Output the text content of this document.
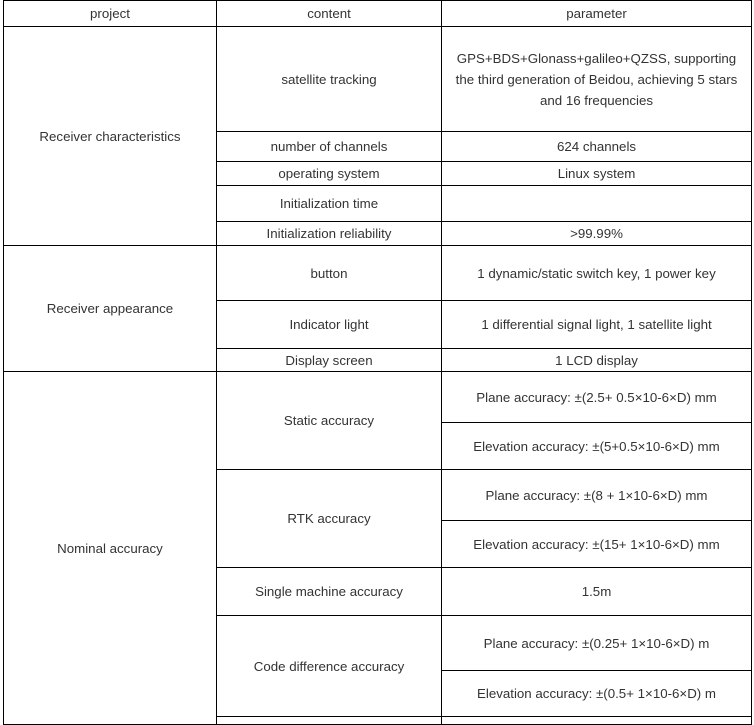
project	content	parameter
Receiver characteristics	satellite tracking	GPS+BDS+Glonass+galileo+QZSS, supporting the third generation of Beidou, achieving 5 stars and 16 frequencies
	number of channels	624 channels
	operating system	Linux system
	Initialization time	
	Initialization reliability	>99.99%
Receiver appearance	button	1 dynamic/static switch key, 1 power key
	Indicator light	1 differential signal light, 1 satellite light
	Display screen	1 LCD display
Nominal accuracy	Static accuracy	Plane accuracy: ±(2.5+ 0.5×10-6×D) mm
		Elevation accuracy: ±(5+0.5×10-6×D) mm
	RTK accuracy	Plane accuracy: ±(8 + 1×10-6×D) mm
		Elevation accuracy: ±(15+ 1×10-6×D) mm
	Single machine accuracy	1.5m
	Code difference accuracy	Plane accuracy: ±(0.25+ 1×10-6×D) m
		Elevation accuracy: ±(0.5+ 1×10-6×D) m
